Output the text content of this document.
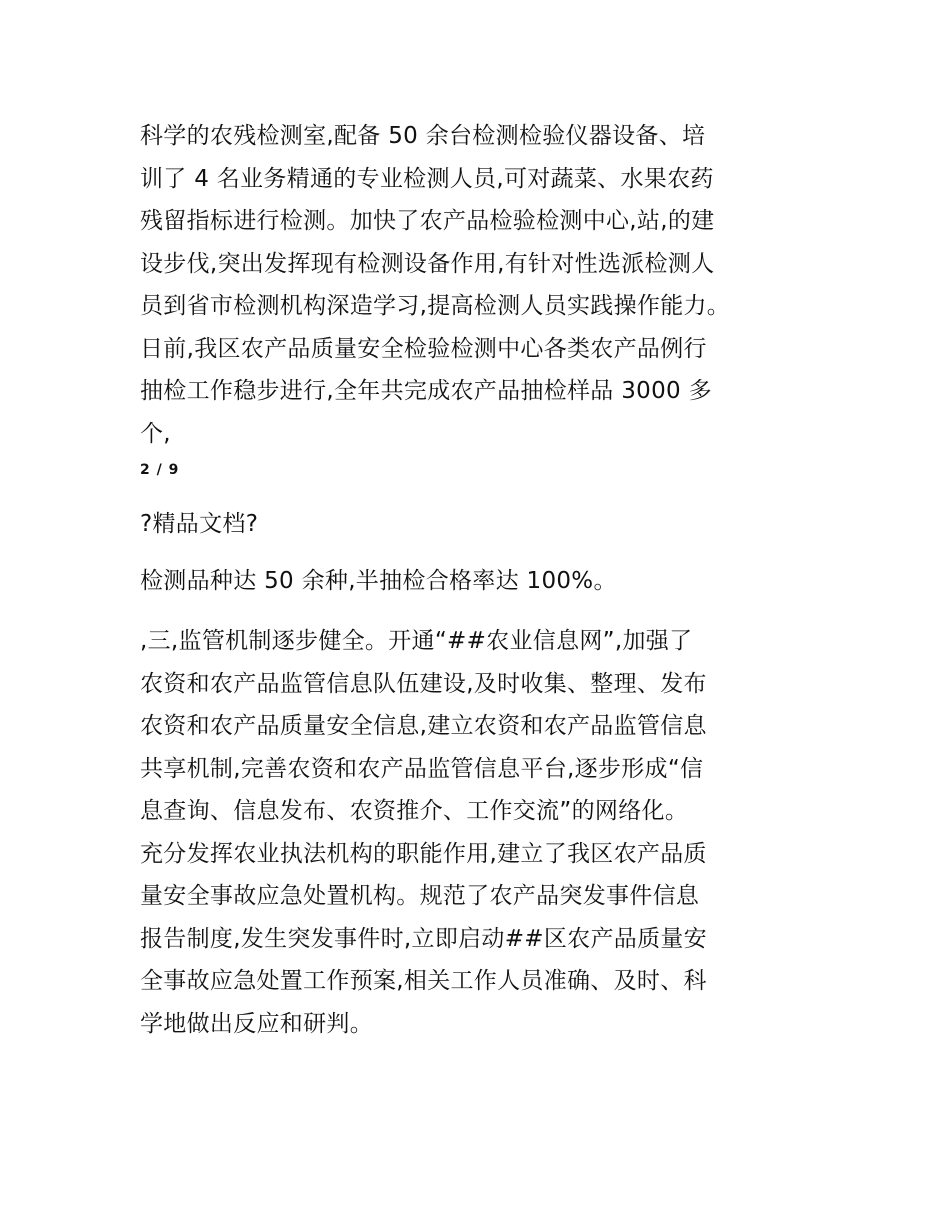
科学的农残检测室,配备 50 余台检测检验仪器设备、培
训了 4 名业务精通的专业检测人员,可对蔬菜、水果农药
残留指标进行检测。加快了农产品检验检测中心,站,的建
设步伐,突出发挥现有检测设备作用,有针对性选派检测人
员到省市检测机构深造学习,提高检测人员实践操作能力。
日前,我区农产品质量安全检验检测中心各类农产品例行
抽检工作稳步进行,全年共完成农产品抽检样品 3000 多
个,

2 / 9

?精品文档?

检测品种达 50 余种,半抽检合格率达 100%。
,三,监管机制逐步健全。开通“##农业信息网”,加强了
农资和农产品监管信息队伍建设,及时收集、整理、发布
农资和农产品质量安全信息,建立农资和农产品监管信息
共享机制,完善农资和农产品监管信息平台,逐步形成“信
息查询、信息发布、农资推介、工作交流”的网络化。
充分发挥农业执法机构的职能作用,建立了我区农产品质
量安全事故应急处置机构。规范了农产品突发事件信息
报告制度,发生突发事件时,立即启动##区农产品质量安
全事故应急处置工作预案,相关工作人员准确、及时、科
学地做出反应和研判。
